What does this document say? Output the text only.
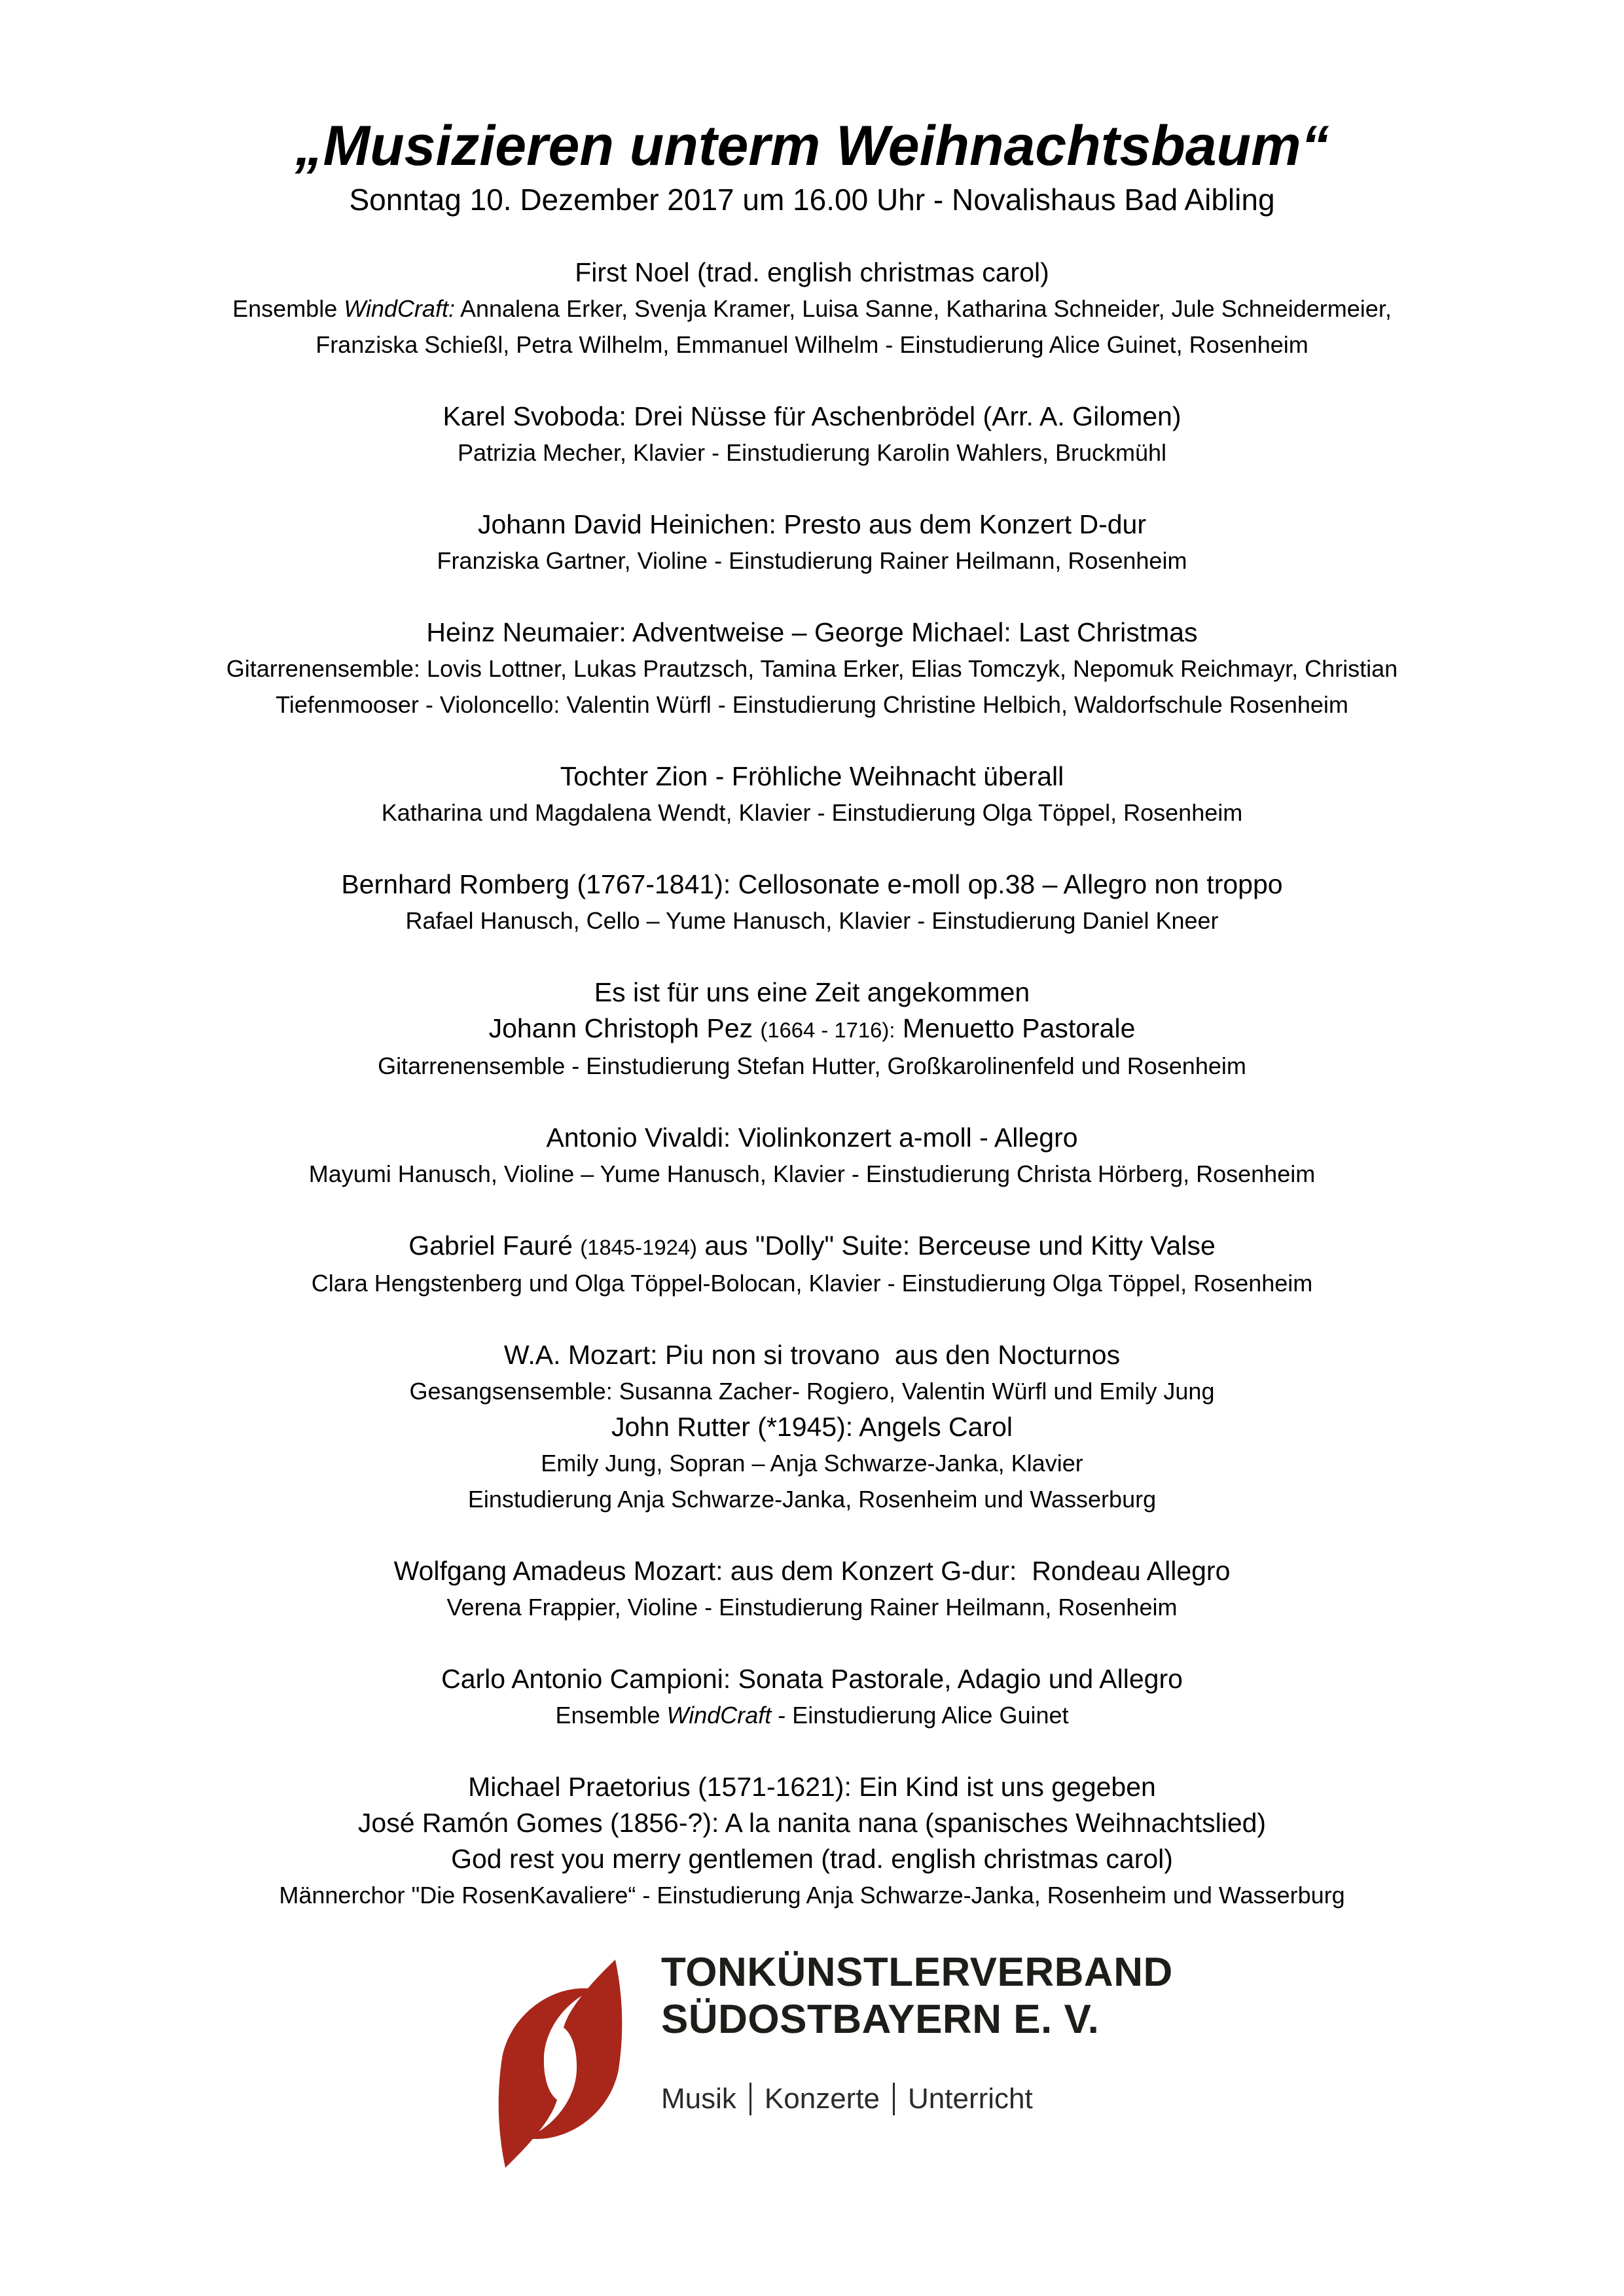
„Musizieren unterm Weihnachtsbaum“
Sonntag 10. Dezember 2017 um 16.00 Uhr - Novalishaus Bad Aibling
First Noel (trad. english christmas carol)
Ensemble WindCraft: Annalena Erker, Svenja Kramer, Luisa Sanne, Katharina Schneider, Jule Schneidermeier,
Franziska Schießl, Petra Wilhelm, Emmanuel Wilhelm - Einstudierung Alice Guinet, Rosenheim
Karel Svoboda: Drei Nüsse für Aschenbrödel (Arr. A. Gilomen)
Patrizia Mecher, Klavier - Einstudierung Karolin Wahlers, Bruckmühl
Johann David Heinichen: Presto aus dem Konzert D-dur
Franziska Gartner, Violine - Einstudierung Rainer Heilmann, Rosenheim
Heinz Neumaier: Adventweise – George Michael: Last Christmas
Gitarrenensemble: Lovis Lottner, Lukas Prautzsch, Tamina Erker, Elias Tomczyk, Nepomuk Reichmayr, Christian
Tiefenmooser - Violoncello: Valentin Würfl - Einstudierung Christine Helbich, Waldorfschule Rosenheim
Tochter Zion - Fröhliche Weihnacht überall
Katharina und Magdalena Wendt, Klavier - Einstudierung Olga Töppel, Rosenheim
Bernhard Romberg (1767-1841): Cellosonate e-moll op.38 – Allegro non troppo
Rafael Hanusch, Cello – Yume Hanusch, Klavier - Einstudierung Daniel Kneer
Es ist für uns eine Zeit angekommen
Johann Christoph Pez (1664 - 1716): Menuetto Pastorale
Gitarrenensemble - Einstudierung Stefan Hutter, Großkarolinenfeld und Rosenheim
Antonio Vivaldi: Violinkonzert a-moll - Allegro
Mayumi Hanusch, Violine – Yume Hanusch, Klavier - Einstudierung Christa Hörberg, Rosenheim
Gabriel Fauré (1845-1924) aus "Dolly" Suite: Berceuse und Kitty Valse
Clara Hengstenberg und Olga Töppel-Bolocan, Klavier - Einstudierung Olga Töppel, Rosenheim
W.A. Mozart: Piu non si trovano  aus den Nocturnos
Gesangsensemble: Susanna Zacher- Rogiero, Valentin Würfl und Emily Jung
John Rutter (*1945): Angels Carol
Emily Jung, Sopran – Anja Schwarze-Janka, Klavier
Einstudierung Anja Schwarze-Janka, Rosenheim und Wasserburg
Wolfgang Amadeus Mozart: aus dem Konzert G-dur:  Rondeau Allegro
Verena Frappier, Violine - Einstudierung Rainer Heilmann, Rosenheim
Carlo Antonio Campioni: Sonata Pastorale, Adagio und Allegro
Ensemble WindCraft - Einstudierung Alice Guinet
Michael Praetorius (1571-1621): Ein Kind ist uns gegeben
José Ramón Gomes (1856-?): A la nanita nana (spanisches Weihnachtslied)
God rest you merry gentlemen (trad. english christmas carol)
Männerchor "Die RosenKavaliere“ - Einstudierung Anja Schwarze-Janka, Rosenheim und Wasserburg
TONKÜNSTLERVERBAND
SÜDOSTBAYERN E. V.
Musik Konzerte Unterricht
